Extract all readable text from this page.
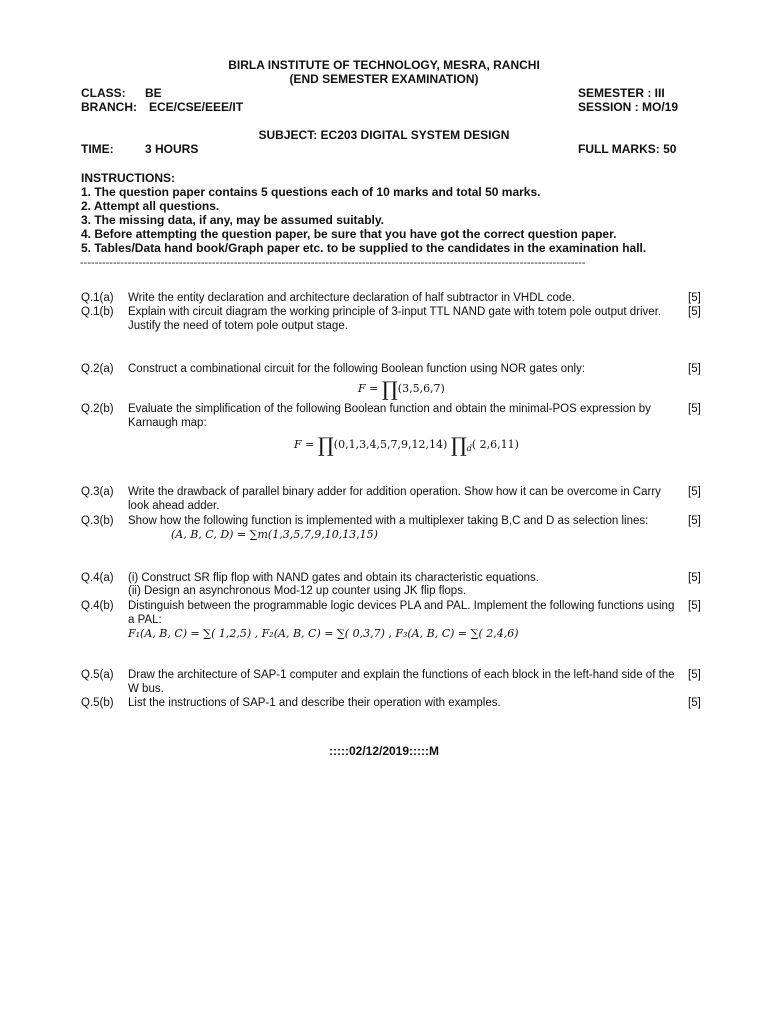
BIRLA INSTITUTE OF TECHNOLOGY, MESRA, RANCHI
(END SEMESTER EXAMINATION)
CLASS: BE	SEMESTER : III
BRANCH: ECE/CSE/EEE/IT	SESSION : MO/19
SUBJECT: EC203 DIGITAL SYSTEM DESIGN
TIME:	3 HOURS	FULL MARKS: 50
INSTRUCTIONS:
1. The question paper contains 5 questions each of 10 marks and total 50 marks.
2. Attempt all questions.
3. The missing data, if any, may be assumed suitably.
4. Before attempting the question paper, be sure that you have got the correct question paper.
5. Tables/Data hand book/Graph paper etc. to be supplied to the candidates in the examination hall.
------------------------------------------------------------------------------------------------------------------------------------------
Q.1(a) Write the entity declaration and architecture declaration of half subtractor in VHDL code.	[5]
Q.1(b) Explain with circuit diagram the working principle of 3-input TTL NAND gate with totem pole output driver. Justify the need of totem pole output stage.
[5]
Q.2(a) Construct a combinational circuit for the following Boolean function using NOR gates only:	[5]
F = ∏(3,5,6,7)
Q.2(b) Evaluate the simplification of the following Boolean function and obtain the minimal-POS expression by Karnaugh map:
[5]
F = ∏(0,1,3,4,5,7,9,12,14) $\prod_d$( 2,6,11)
Q.3(a) Write the drawback of parallel binary adder for addition operation. Show how it can be overcome in Carry look ahead adder.
[5]
Q.3(b) Show how the following function is implemented with a multiplexer taking B,C and D as selection lines:	[5]
(A, B, C, D) = ∑m(1,3,5,7,9,10,13,15)
Q.4(a) (i) Construct SR flip flop with NAND gates and obtain its characteristic equations.
(ii) Design an asynchronous Mod-12 up counter using JK flip flops.
[5]
Q.4(b) Distinguish between the programmable logic devices PLA and PAL. Implement the following functions using a PAL:
[5]
F₁(A, B, C) = ∑( 1,2,5) , F₂(A, B, C) = ∑( 0,3,7) , F₃(A, B, C) = ∑( 2,4,6)
Q.5(a) Draw the architecture of SAP-1 computer and explain the functions of each block in the left-hand side of the W bus.
[5]
Q.5(b) List the instructions of SAP-1 and describe their operation with examples.	[5]
:::::02/12/2019:::::M
